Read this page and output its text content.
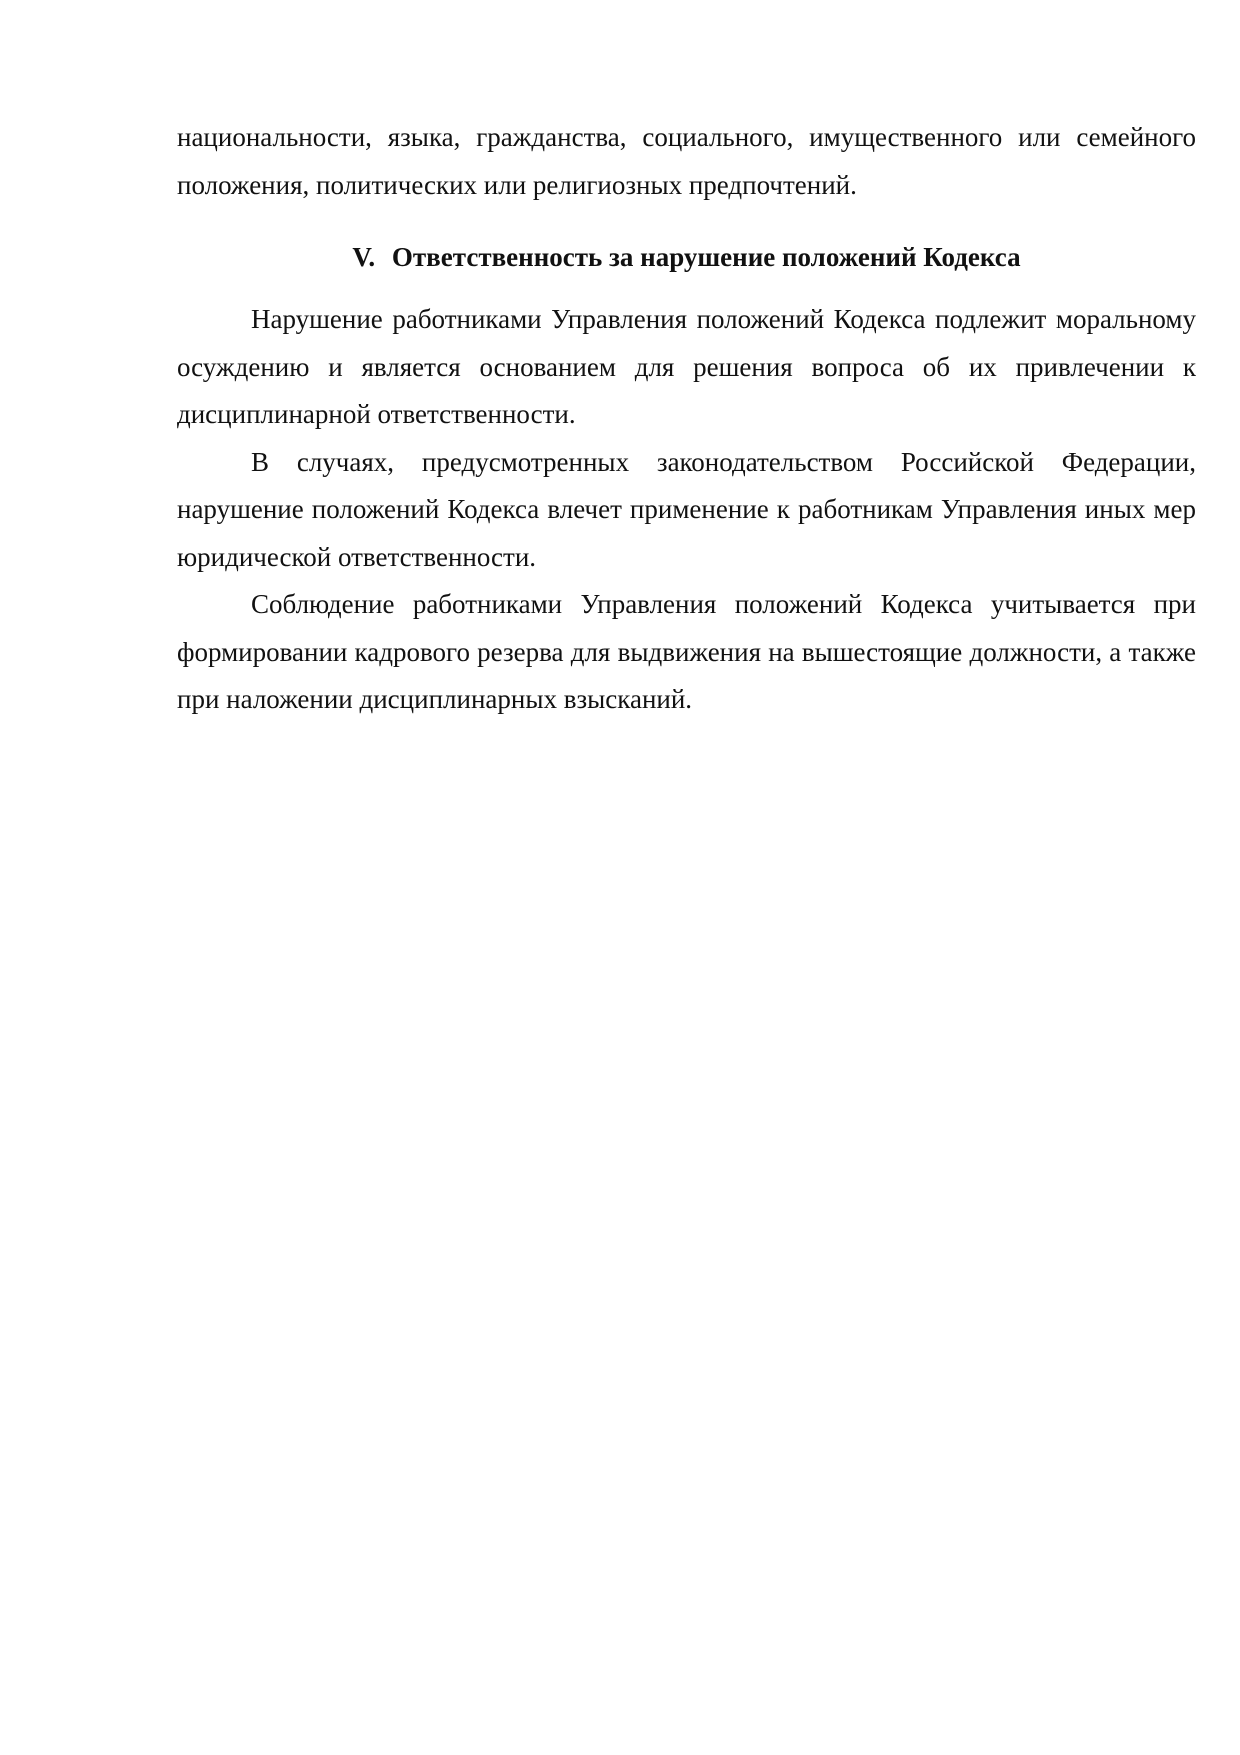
национальности, языка, гражданства, социального, имущественного или семейного положения, политических или религиозных предпочтений.

V. Ответственность за нарушение положений Кодекса

Нарушение работниками Управления положений Кодекса подлежит моральному осуждению и является основанием для решения вопроса об их привлечении к дисциплинарной ответственности.

В случаях, предусмотренных законодательством Российской Федерации, нарушение положений Кодекса влечет применение к работникам Управления иных мер юридической ответственности.

Соблюдение работниками Управления положений Кодекса учитывается при формировании кадрового резерва для выдвижения на вышестоящие должности, а также при наложении дисциплинарных взысканий.
